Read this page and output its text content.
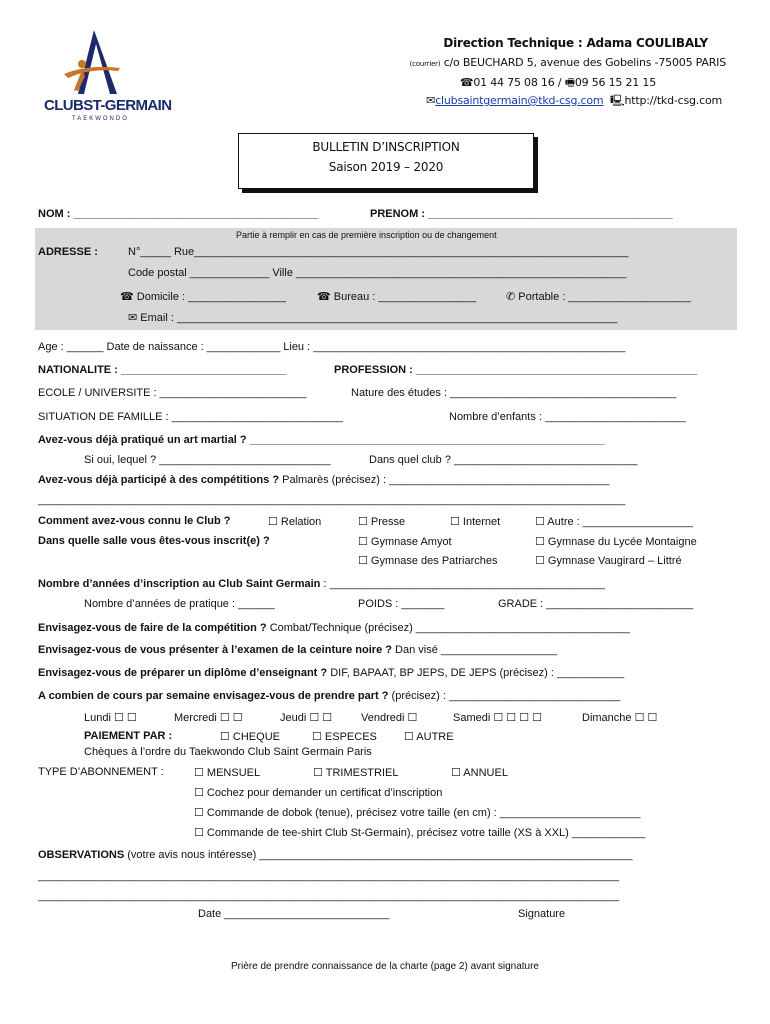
CLUBST-GERMAIN
TAEKWONDO
Direction Technique : Adama COULIBALY
(courrier) c/o BEUCHARD 5, avenue des Gobelins -75005 PARIS
☎01 44 75 08 16 / 🖷09 56 15 21 15
✉clubsaintgermain@tkd-csg.com  🖳http://tkd-csg.com
BULLETIN D’INSCRIPTION
Saison 2019 – 2020
NOM : ________________________________________	PRENOM : ________________________________________
Partie à remplir en cas de première inscription ou de changement
ADRESSE :	N°_____ Rue_______________________________________________________________________
Code postal _____________ Ville ______________________________________________________
☎ Domicile : ________________	☎ Bureau : ________________	✆ Portable : ____________________
✉ Email : ________________________________________________________________________
Age : ______ Date de naissance : ____________ Lieu : ___________________________________________________
NATIONALITE : ___________________________	PROFESSION : ______________________________________________
ECOLE / UNIVERSITE : ________________________	Nature des études : _____________________________________
SITUATION DE FAMILLE : ____________________________	Nombre d’enfants : _______________________
Avez-vous déjà pratiqué un art martial ? __________________________________________________________
Si oui, lequel ? ____________________________	Dans quel club ? ______________________________
Avez-vous déjà participé à des compétitions ? Palmarès (précisez) : ____________________________________
________________________________________________________________________________________________
Comment avez-vous connu le Club ?	☐ Relation	☐ Presse	☐ Internet	☐ Autre : __________________
Dans quelle salle vous êtes-vous inscrit(e) ?	☐ Gymnase Amyot	☐ Gymnase du Lycée Montaigne
☐ Gymnase des Patriarches	☐ Gymnase Vaugirard – Littré
Nombre d’années d’inscription au Club Saint Germain : _____________________________________________
Nombre d’années de pratique : ______	POIDS : _______	GRADE : ________________________
Envisagez-vous de faire de la compétition ? Combat/Technique (précisez) ___________________________________
Envisagez-vous de vous présenter à l’examen de la ceinture noire ? Dan visé ___________________
Envisagez-vous de préparer un diplôme d’enseignant ? DIF, BAPAAT, BP JEPS, DE JEPS (précisez) : ___________
A combien de cours par semaine envisagez-vous de prendre part ? (précisez) : ____________________________
Lundi ☐ ☐	Mercredi ☐ ☐	Jeudi ☐ ☐	Vendredi ☐	Samedi ☐ ☐ ☐ ☐	Dimanche ☐ ☐
PAIEMENT PAR :	☐ CHEQUE	☐ ESPECES ☐ AUTRE
Chèques à l’ordre du Taekwondo Club Saint Germain Paris
TYPE D’ABONNEMENT :	☐ MENSUEL	☐ TRIMESTRIEL	☐ ANNUEL
☐ Cochez pour demander un certificat d’inscription
☐ Commande de dobok (tenue), précisez votre taille (en cm) : _______________________
☐ Commande de tee-shirt Club St-Germain), précisez votre taille (XS à XXL) ____________
OBSERVATIONS (votre avis nous intéresse) _____________________________________________________________
_______________________________________________________________________________________________
_______________________________________________________________________________________________
Date ___________________________	Signature
Prière de prendre connaissance de la charte (page 2) avant signature
